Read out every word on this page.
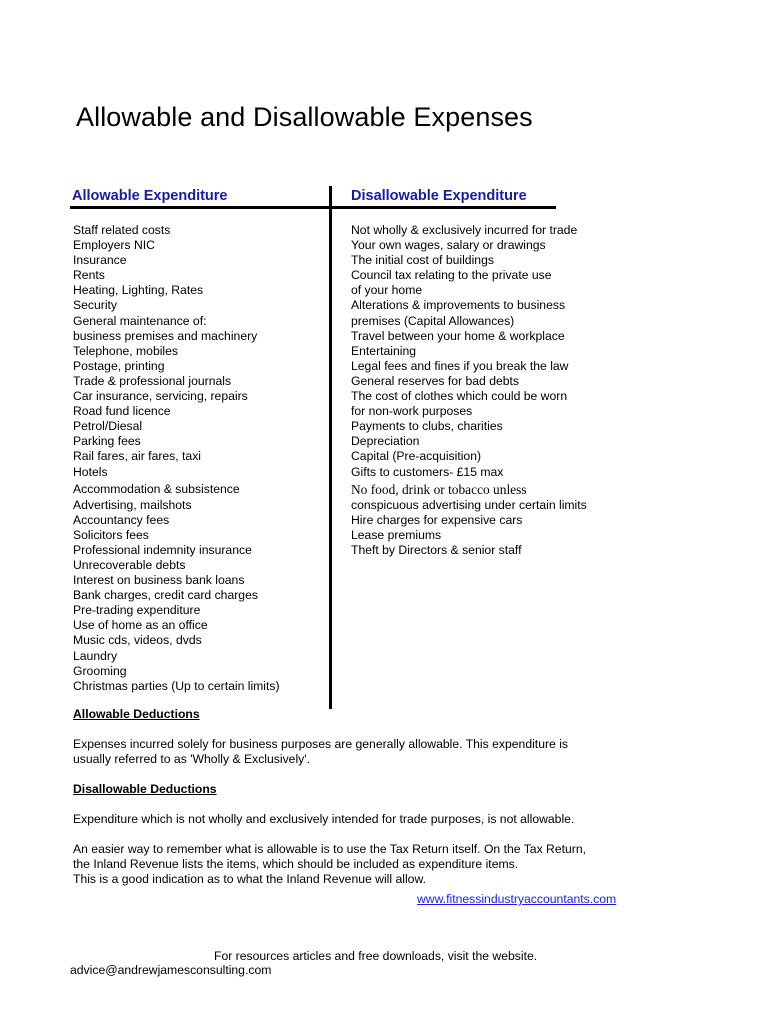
Allowable and Disallowable Expenses
Allowable Expenditure	Disallowable Expenditure
Staff related costs
Employers NIC
Insurance
Rents
Heating, Lighting, Rates
Security
General maintenance of:
business premises and machinery
Telephone, mobiles
Postage, printing
Trade & professional journals
Car insurance, servicing, repairs
Road fund licence
Petrol/Diesal
Parking fees
Rail fares, air fares, taxi
Hotels
Accommodation & subsistence
Advertising, mailshots
Accountancy fees
Solicitors fees
Professional indemnity insurance
Unrecoverable debts
Interest on business bank loans
Bank charges, credit card charges
Pre-trading expenditure
Use of home as an office
Music cds, videos, dvds
Laundry
Grooming
Christmas parties (Up to certain limits)
Not wholly & exclusively incurred for trade
Your own wages, salary or drawings
The initial cost of buildings
Council tax relating to the private use
of your home
Alterations & improvements to business
premises (Capital Allowances)
Travel between your home & workplace
Entertaining
Legal fees and fines if you break the law
General reserves for bad debts
The cost of clothes which could be worn
for non-work purposes
Payments to clubs, charities
Depreciation
Capital (Pre-acquisition)
Gifts to customers- £15 max
No food, drink or tobacco unless
conspicuous advertising under certain limits
Hire charges for expensive cars
Lease premiums
Theft by Directors & senior staff
Allowable Deductions

Expenses incurred solely for business purposes are generally allowable. This expenditure is
usually referred to as 'Wholly & Exclusively'.

Disallowable Deductions

Expenditure which is not wholly and exclusively intended for trade purposes, is not allowable.

An easier way to remember what is allowable is to use the Tax Return itself. On the Tax Return,
the Inland Revenue lists the items, which should be included as expenditure items.
This is a good indication as to what the Inland Revenue will allow.

www.fitnessindustryaccountants.com
For resources articles and free downloads, visit the website.
advice@andrewjamesconsulting.com
